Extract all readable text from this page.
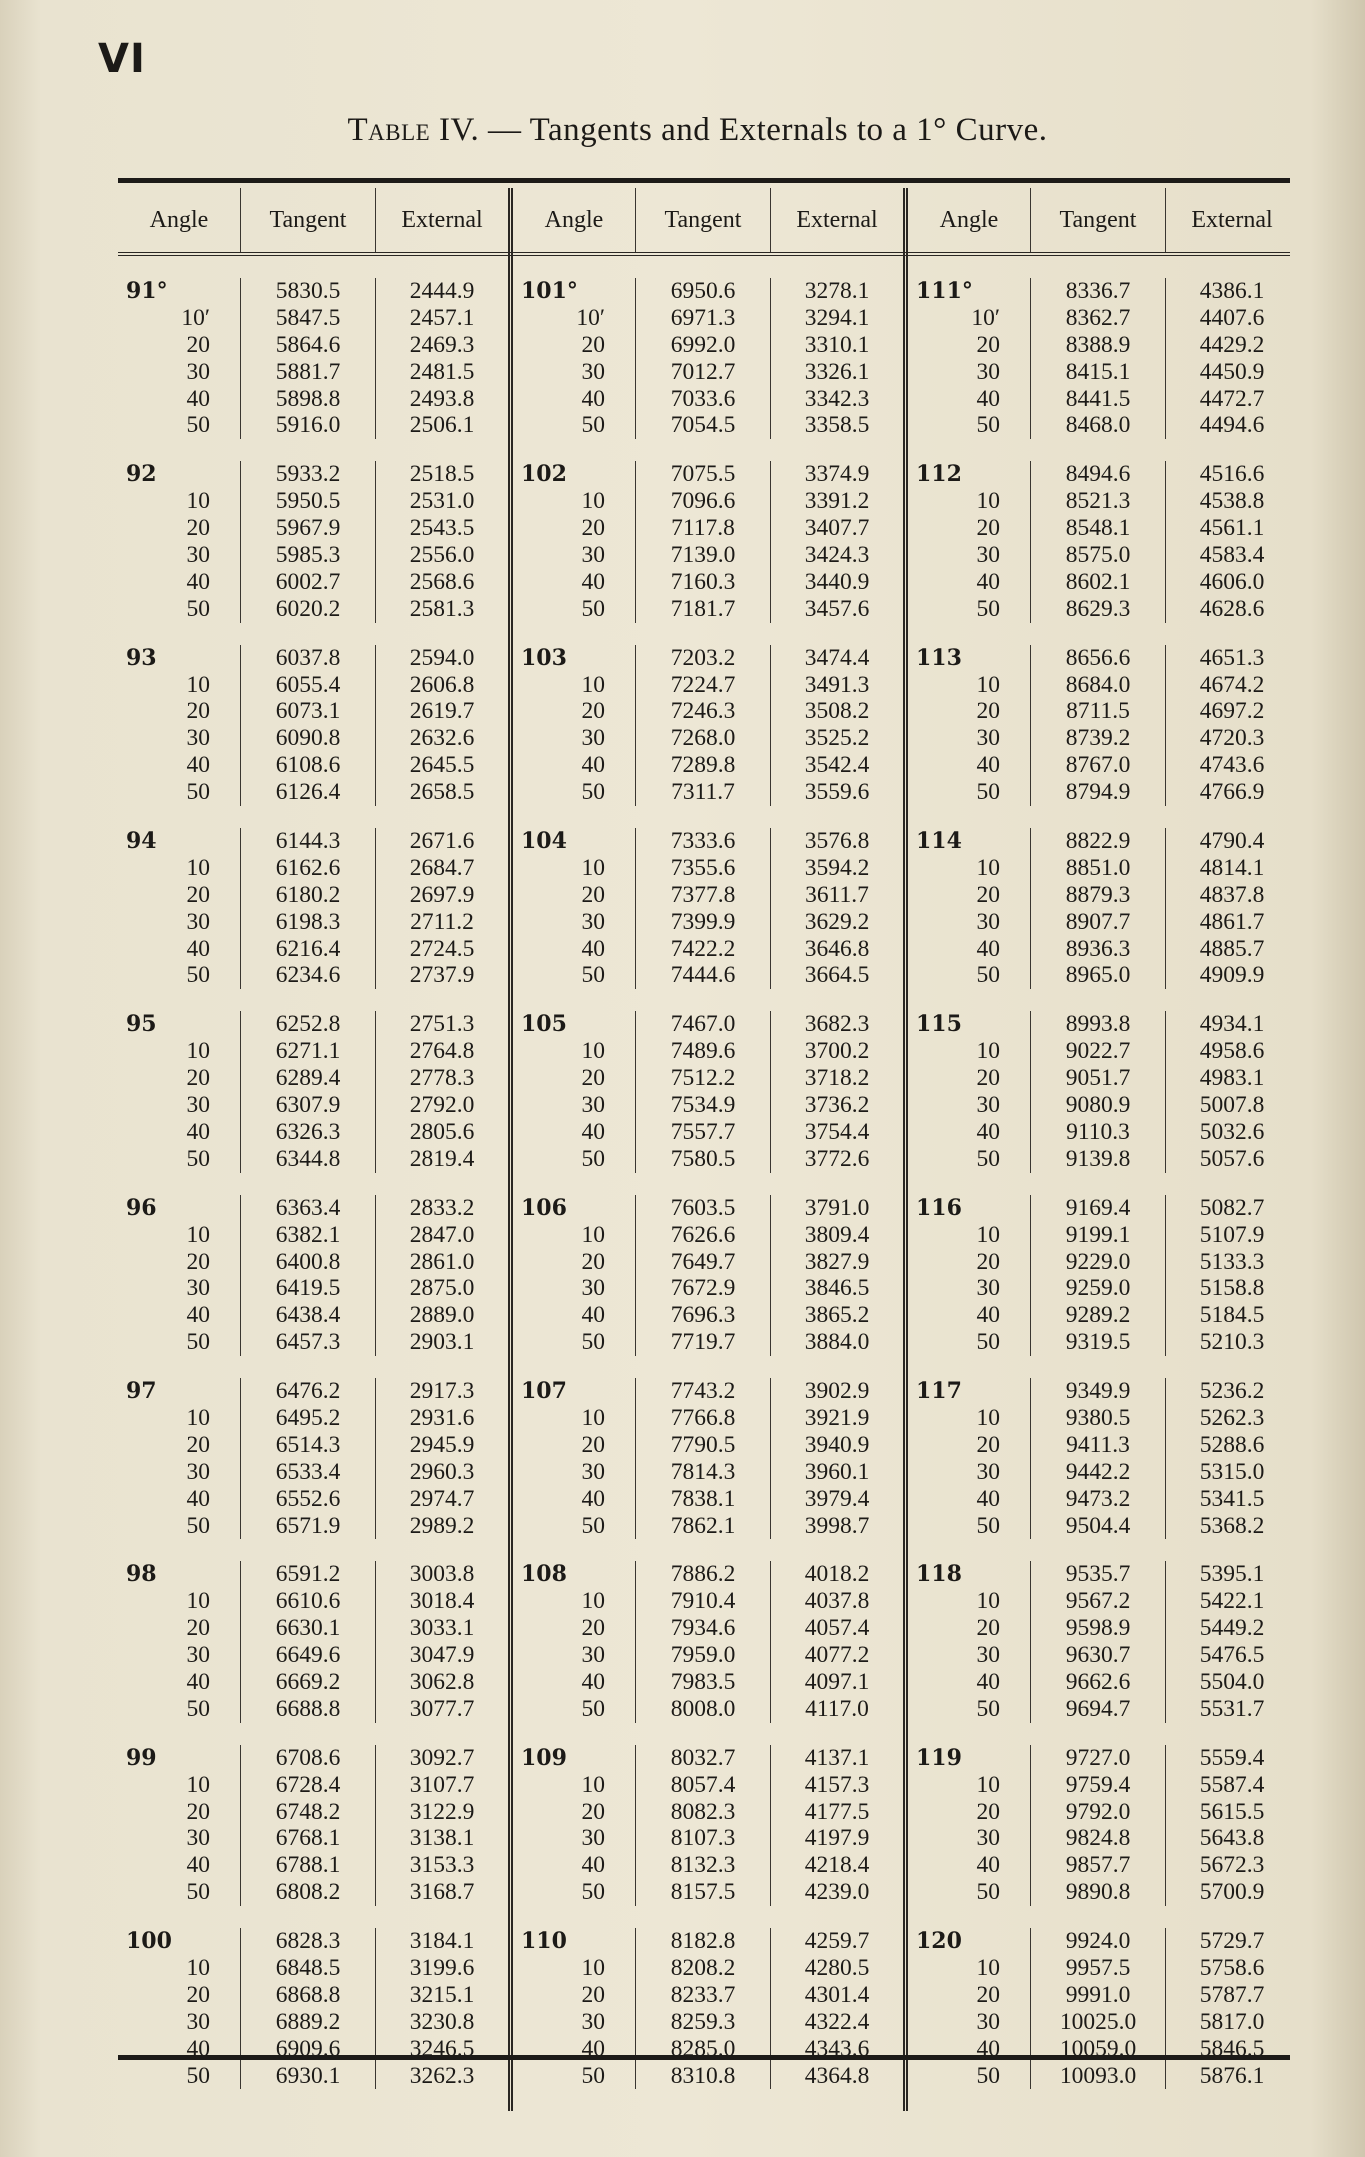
VI
Table IV. — Tangents and Externals to a 1° Curve.
Angle	Tangent	External
91°	5830.5	2444.9
10′	5847.5	2457.1
20	5864.6	2469.3
30	5881.7	2481.5
40	5898.8	2493.8
50	5916.0	2506.1
92	5933.2	2518.5
10	5950.5	2531.0
20	5967.9	2543.5
30	5985.3	2556.0
40	6002.7	2568.6
50	6020.2	2581.3
93	6037.8	2594.0
10	6055.4	2606.8
20	6073.1	2619.7
30	6090.8	2632.6
40	6108.6	2645.5
50	6126.4	2658.5
94	6144.3	2671.6
10	6162.6	2684.7
20	6180.2	2697.9
30	6198.3	2711.2
40	6216.4	2724.5
50	6234.6	2737.9
95	6252.8	2751.3
10	6271.1	2764.8
20	6289.4	2778.3
30	6307.9	2792.0
40	6326.3	2805.6
50	6344.8	2819.4
96	6363.4	2833.2
10	6382.1	2847.0
20	6400.8	2861.0
30	6419.5	2875.0
40	6438.4	2889.0
50	6457.3	2903.1
97	6476.2	2917.3
10	6495.2	2931.6
20	6514.3	2945.9
30	6533.4	2960.3
40	6552.6	2974.7
50	6571.9	2989.2
98	6591.2	3003.8
10	6610.6	3018.4
20	6630.1	3033.1
30	6649.6	3047.9
40	6669.2	3062.8
50	6688.8	3077.7
99	6708.6	3092.7
10	6728.4	3107.7
20	6748.2	3122.9
30	6768.1	3138.1
40	6788.1	3153.3
50	6808.2	3168.7
100	6828.3	3184.1
10	6848.5	3199.6
20	6868.8	3215.1
30	6889.2	3230.8
40	6909.6	3246.5
50	6930.1	3262.3
Angle	Tangent	External
101°	6950.6	3278.1
10′	6971.3	3294.1
20	6992.0	3310.1
30	7012.7	3326.1
40	7033.6	3342.3
50	7054.5	3358.5
102	7075.5	3374.9
10	7096.6	3391.2
20	7117.8	3407.7
30	7139.0	3424.3
40	7160.3	3440.9
50	7181.7	3457.6
103	7203.2	3474.4
10	7224.7	3491.3
20	7246.3	3508.2
30	7268.0	3525.2
40	7289.8	3542.4
50	7311.7	3559.6
104	7333.6	3576.8
10	7355.6	3594.2
20	7377.8	3611.7
30	7399.9	3629.2
40	7422.2	3646.8
50	7444.6	3664.5
105	7467.0	3682.3
10	7489.6	3700.2
20	7512.2	3718.2
30	7534.9	3736.2
40	7557.7	3754.4
50	7580.5	3772.6
106	7603.5	3791.0
10	7626.6	3809.4
20	7649.7	3827.9
30	7672.9	3846.5
40	7696.3	3865.2
50	7719.7	3884.0
107	7743.2	3902.9
10	7766.8	3921.9
20	7790.5	3940.9
30	7814.3	3960.1
40	7838.1	3979.4
50	7862.1	3998.7
108	7886.2	4018.2
10	7910.4	4037.8
20	7934.6	4057.4
30	7959.0	4077.2
40	7983.5	4097.1
50	8008.0	4117.0
109	8032.7	4137.1
10	8057.4	4157.3
20	8082.3	4177.5
30	8107.3	4197.9
40	8132.3	4218.4
50	8157.5	4239.0
110	8182.8	4259.7
10	8208.2	4280.5
20	8233.7	4301.4
30	8259.3	4322.4
40	8285.0	4343.6
50	8310.8	4364.8
Angle	Tangent	External
111°	8336.7	4386.1
10′	8362.7	4407.6
20	8388.9	4429.2
30	8415.1	4450.9
40	8441.5	4472.7
50	8468.0	4494.6
112	8494.6	4516.6
10	8521.3	4538.8
20	8548.1	4561.1
30	8575.0	4583.4
40	8602.1	4606.0
50	8629.3	4628.6
113	8656.6	4651.3
10	8684.0	4674.2
20	8711.5	4697.2
30	8739.2	4720.3
40	8767.0	4743.6
50	8794.9	4766.9
114	8822.9	4790.4
10	8851.0	4814.1
20	8879.3	4837.8
30	8907.7	4861.7
40	8936.3	4885.7
50	8965.0	4909.9
115	8993.8	4934.1
10	9022.7	4958.6
20	9051.7	4983.1
30	9080.9	5007.8
40	9110.3	5032.6
50	9139.8	5057.6
116	9169.4	5082.7
10	9199.1	5107.9
20	9229.0	5133.3
30	9259.0	5158.8
40	9289.2	5184.5
50	9319.5	5210.3
117	9349.9	5236.2
10	9380.5	5262.3
20	9411.3	5288.6
30	9442.2	5315.0
40	9473.2	5341.5
50	9504.4	5368.2
118	9535.7	5395.1
10	9567.2	5422.1
20	9598.9	5449.2
30	9630.7	5476.5
40	9662.6	5504.0
50	9694.7	5531.7
119	9727.0	5559.4
10	9759.4	5587.4
20	9792.0	5615.5
30	9824.8	5643.8
40	9857.7	5672.3
50	9890.8	5700.9
120	9924.0	5729.7
10	9957.5	5758.6
20	9991.0	5787.7
30	10025.0	5817.0
40	10059.0	5846.5
50	10093.0	5876.1
